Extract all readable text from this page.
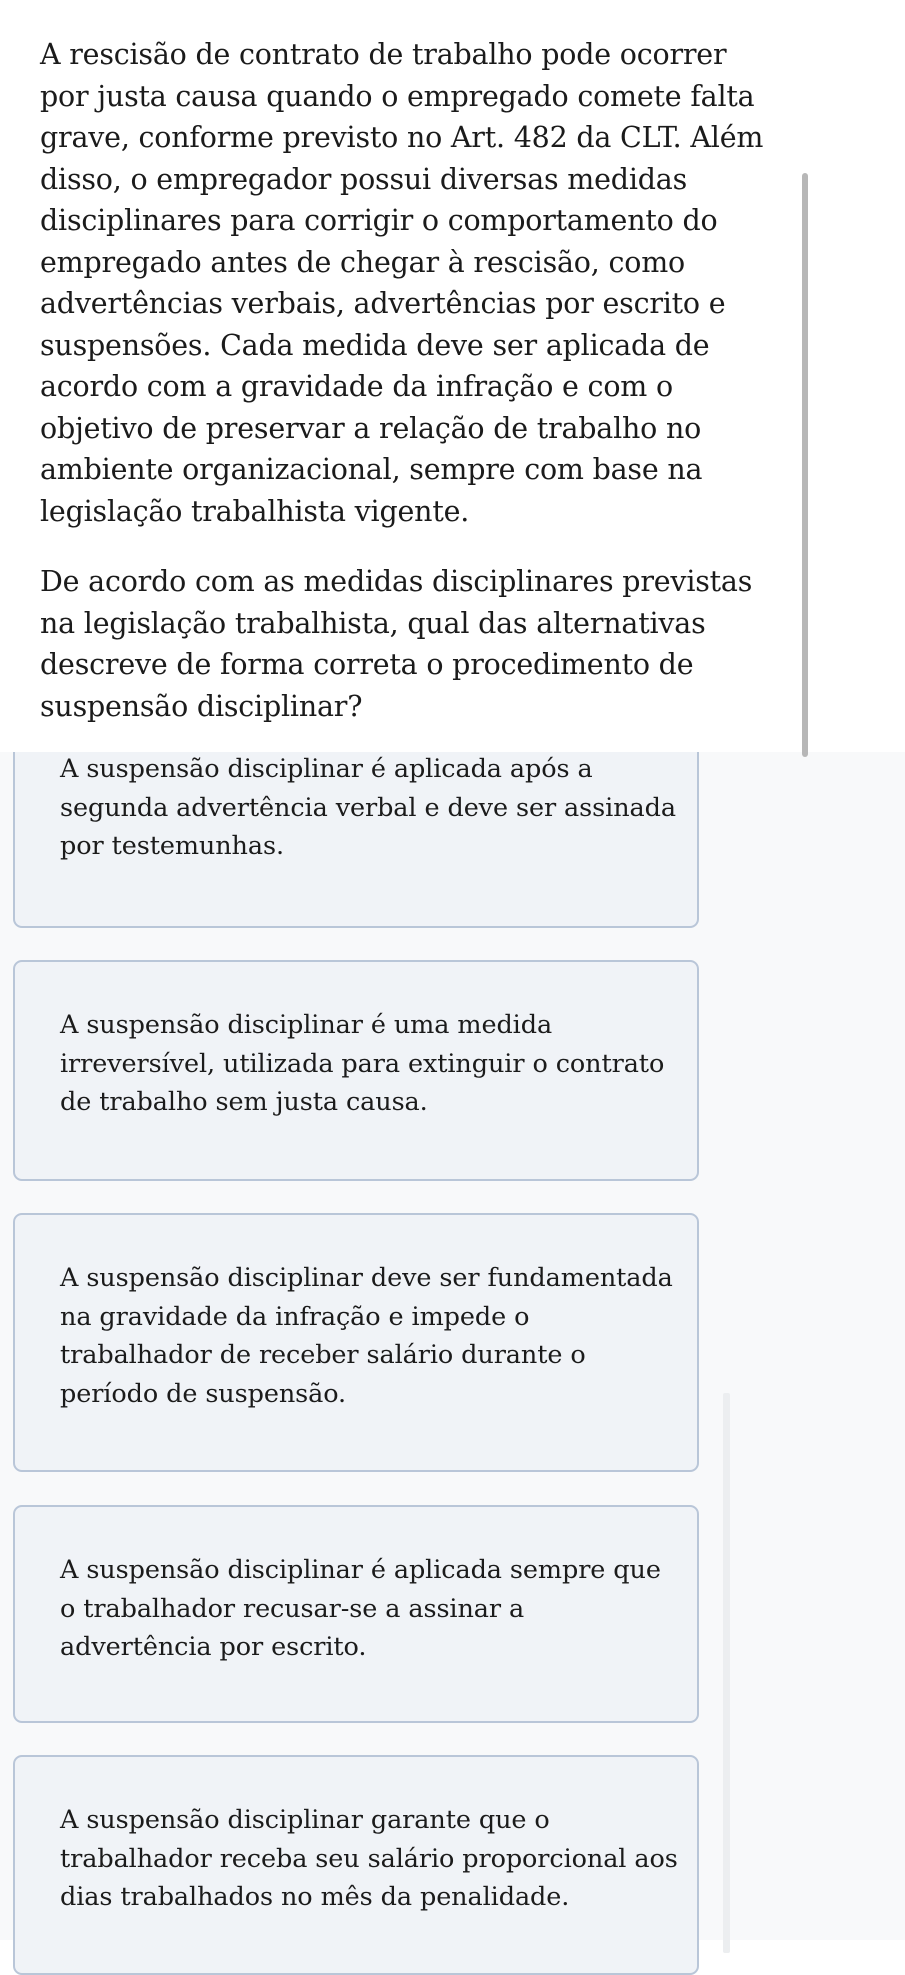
A suspensão disciplinar garante que o trabalhador receba seu salário proporcional aos dias trabalhados no mês da penalidade.

A suspensão disciplinar é aplicada sempre que o trabalhador recusar-se a assinar a advertência por escrito.

A suspensão disciplinar deve ser fundamentada na gravidade da infração e impede o trabalhador de receber salário durante o período de suspensão.

A suspensão disciplinar é uma medida irreversível, utilizada para extinguir o contrato de trabalho sem justa causa.

A suspensão disciplinar é aplicada após a segunda advertência verbal e deve ser assinada por testemunhas.

A rescisão de contrato de trabalho pode ocorrer por justa causa quando o empregado comete falta grave, conforme previsto no Art. 482 da CLT. Além disso, o empregador possui diversas medidas disciplinares para corrigir o comportamento do empregado antes de chegar à rescisão, como advertências verbais, advertências por escrito e suspensões. Cada medida deve ser aplicada de acordo com a gravidade da infração e com o objetivo de preservar a relação de trabalho no ambiente organizacional, sempre com base na legislação trabalhista vigente.

De acordo com as medidas disciplinares previstas na legislação trabalhista, qual das alternativas descreve de forma correta o procedimento de suspensão disciplinar?
